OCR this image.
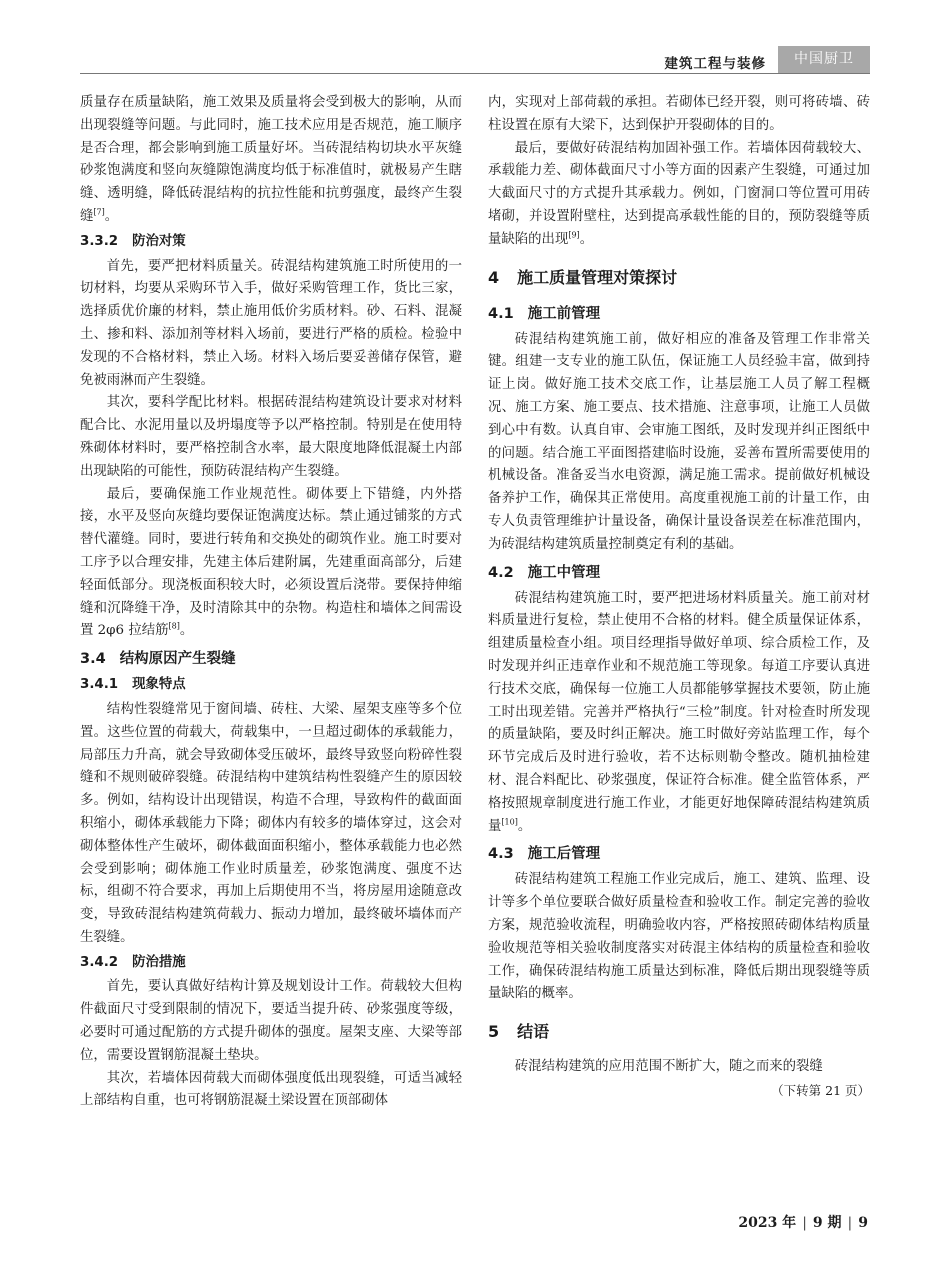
建筑工程与装修	中国厨卫

质量存在质量缺陷，施工效果及质量将会受到极大的影响，从而出现裂缝等问题。与此同时，施工技术应用是否规范，施工顺序是否合理，都会影响到施工质量好坏。当砖混结构切块水平灰缝砂浆饱满度和竖向灰缝隙饱满度均低于标准值时，就极易产生瞎缝、透明缝，降低砖混结构的抗拉性能和抗剪强度，最终产生裂缝[7]。

3.3.2 防治对策

首先，要严把材料质量关。砖混结构建筑施工时所使用的一切材料，均要从采购环节入手，做好采购管理工作，货比三家，选择质优价廉的材料，禁止施用低价劣质材料。砂、石料、混凝土、掺和料、添加剂等材料入场前，要进行严格的质检。检验中发现的不合格材料，禁止入场。材料入场后要妥善储存保管，避免被雨淋而产生裂缝。

其次，要科学配比材料。根据砖混结构建筑设计要求对材料配合比、水泥用量以及坍塌度等予以严格控制。特别是在使用特殊砌体材料时，要严格控制含水率，最大限度地降低混凝土内部出现缺陷的可能性，预防砖混结构产生裂缝。

最后，要确保施工作业规范性。砌体要上下错缝，内外搭接，水平及竖向灰缝均要保证饱满度达标。禁止通过铺浆的方式替代灌缝。同时，要进行转角和交换处的砌筑作业。施工时要对工序予以合理安排，先建主体后建附属，先建重面高部分，后建轻面低部分。现浇板面积较大时，必须设置后浇带。要保持伸缩缝和沉降缝干净，及时清除其中的杂物。构造柱和墙体之间需设置 2φ6 拉结筋[8]。

3.4 结构原因产生裂缝
3.4.1 现象特点

结构性裂缝常见于窗间墙、砖柱、大梁、屋架支座等多个位置。这些位置的荷载大，荷载集中，一旦超过砌体的承载能力，局部压力升高，就会导致砌体受压破坏，最终导致竖向粉碎性裂缝和不规则破碎裂缝。砖混结构中建筑结构性裂缝产生的原因较多。例如，结构设计出现错误，构造不合理，导致构件的截面面积缩小，砌体承载能力下降；砌体内有较多的墙体穿过，这会对砌体整体性产生破坏，砌体截面面积缩小，整体承载能力也必然会受到影响；砌体施工作业时质量差，砂浆饱满度、强度不达标，组砌不符合要求，再加上后期使用不当，将房屋用途随意改变，导致砖混结构建筑荷载力、振动力增加，最终破坏墙体而产生裂缝。

3.4.2 防治措施

首先，要认真做好结构计算及规划设计工作。荷载较大但构件截面尺寸受到限制的情况下，要适当提升砖、砂浆强度等级，必要时可通过配筋的方式提升砌体的强度。屋架支座、大梁等部位，需要设置钢筋混凝土垫块。

其次，若墙体因荷载大而砌体强度低出现裂缝，可适当减轻上部结构自重，也可将钢筋混凝土梁设置在顶部砌体

内，实现对上部荷载的承担。若砌体已经开裂，则可将砖墙、砖柱设置在原有大梁下，达到保护开裂砌体的目的。

最后，要做好砖混结构加固补强工作。若墙体因荷载较大、承载能力差、砌体截面尺寸小等方面的因素产生裂缝，可通过加大截面尺寸的方式提升其承载力。例如，门窗洞口等位置可用砖堵砌，并设置附壁柱，达到提高承载性能的目的，预防裂缝等质量缺陷的出现[9]。

4 施工质量管理对策探讨
4.1 施工前管理

砖混结构建筑施工前，做好相应的准备及管理工作非常关键。组建一支专业的施工队伍，保证施工人员经验丰富，做到持证上岗。做好施工技术交底工作，让基层施工人员了解工程概况、施工方案、施工要点、技术措施、注意事项，让施工人员做到心中有数。认真自审、会审施工图纸，及时发现并纠正图纸中的问题。结合施工平面图搭建临时设施，妥善布置所需要使用的机械设备。准备妥当水电资源，满足施工需求。提前做好机械设备养护工作，确保其正常使用。高度重视施工前的计量工作，由专人负责管理维护计量设备，确保计量设备误差在标准范围内，为砖混结构建筑质量控制奠定有利的基础。

4.2 施工中管理

砖混结构建筑施工时，要严把进场材料质量关。施工前对材料质量进行复检，禁止使用不合格的材料。健全质量保证体系，组建质量检查小组。项目经理指导做好单项、综合质检工作，及时发现并纠正违章作业和不规范施工等现象。每道工序要认真进行技术交底，确保每一位施工人员都能够掌握技术要领，防止施工时出现差错。完善并严格执行“三检”制度。针对检查时所发现的质量缺陷，要及时纠正解决。施工时做好旁站监理工作，每个环节完成后及时进行验收，若不达标则勒令整改。随机抽检建材、混合料配比、砂浆强度，保证符合标准。健全监管体系，严格按照规章制度进行施工作业，才能更好地保障砖混结构建筑质量[10]。

4.3 施工后管理

砖混结构建筑工程施工作业完成后，施工、建筑、监理、设计等多个单位要联合做好质量检查和验收工作。制定完善的验收方案，规范验收流程，明确验收内容，严格按照砖砌体结构质量验收规范等相关验收制度落实对砖混主体结构的质量检查和验收工作，确保砖混结构施工质量达到标准，降低后期出现裂缝等质量缺陷的概率。

5 结语

砖混结构建筑的应用范围不断扩大，随之而来的裂缝

（下转第 21 页）
2023 年 | 9 期 | 9
